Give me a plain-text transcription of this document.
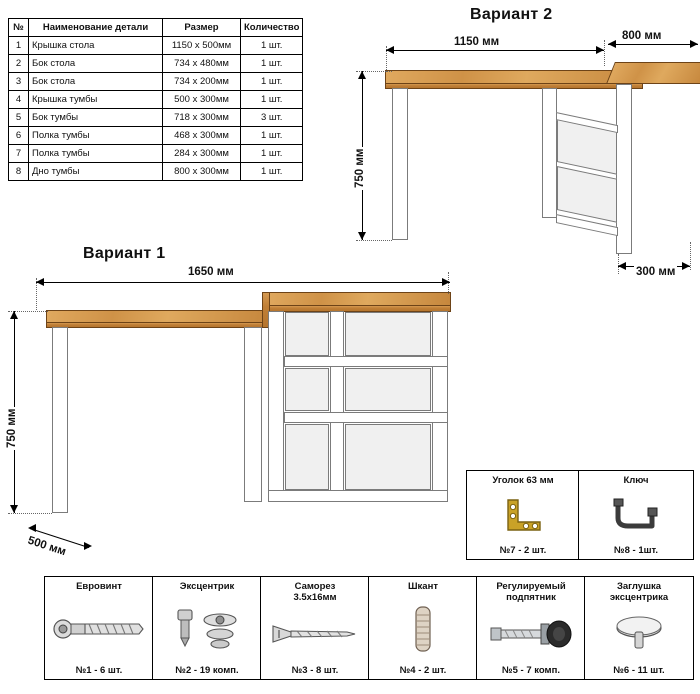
№	Наименование детали	Размер	Количество
1	Крышка стола	1150 x 500мм	1 шт.
2	Бок стола	734 x 480мм	1 шт.
3	Бок стола	734 x 200мм	1 шт.
4	Крышка тумбы	500 x 300мм	1 шт.
5	Бок тумбы	718 x 300мм	3 шт.
6	Полка тумбы	468 x 300мм	1 шт.
7	Полка тумбы	284 x 300мм	1 шт.
8	Дно тумбы	800 x 300мм	1 шт.
Вариант 2
1150 мм	800 мм
750 мм
300 мм
Вариант 1
1650 мм
750 мм
500 мм
Уголок 63 мм
№7 - 2 шт.
Ключ
№8 - 1шт.
Евровинт
№1 - 6 шт.
Эксцентрик
№2 - 19 комп.
Саморез
3.5x16мм
№3 - 8 шт.
Шкант
№4 - 2 шт.
Регулируемый
подпятник
№5 - 7 комп.
Заглушка
эксцентрика
№6 - 11 шт.
